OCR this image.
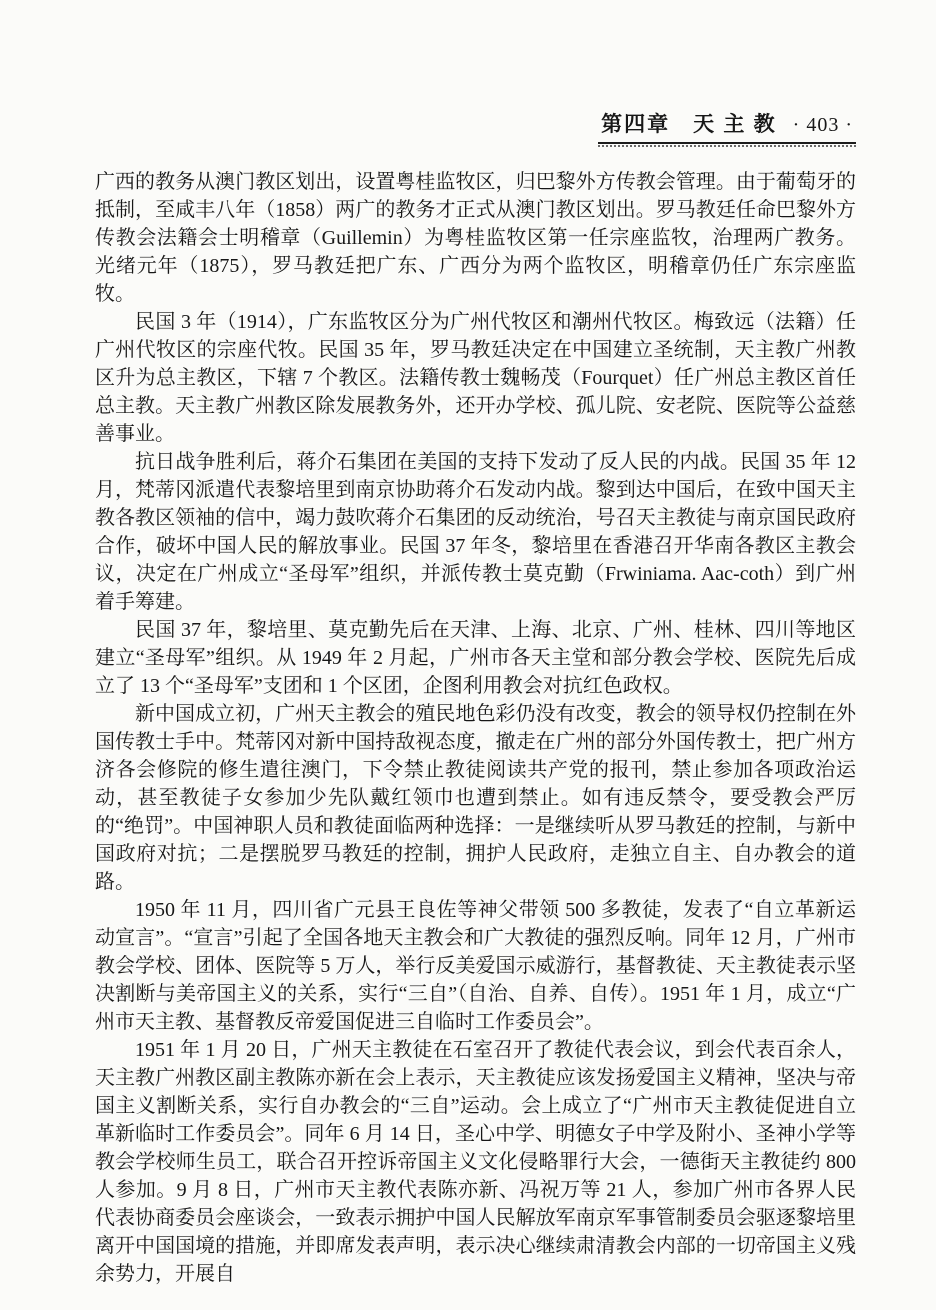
第四章　天 主 教 · 403 ·

广西的教务从澳门教区划出，设置粤桂监牧区，归巴黎外方传教会管理。由于葡萄牙的抵制，至咸丰八年（1858）两广的教务才正式从澳门教区划出。罗马教廷任命巴黎外方传教会法籍会士明稽章（Guillemin）为粤桂监牧区第一任宗座监牧，治理两广教务。光绪元年（1875），罗马教廷把广东、广西分为两个监牧区，明稽章仍任广东宗座监牧。

民国 3 年（1914），广东监牧区分为广州代牧区和潮州代牧区。梅致远（法籍）任广州代牧区的宗座代牧。民国 35 年，罗马教廷决定在中国建立圣统制，天主教广州教区升为总主教区，下辖 7 个教区。法籍传教士魏畅茂（Fourquet）任广州总主教区首任总主教。天主教广州教区除发展教务外，还开办学校、孤儿院、安老院、医院等公益慈善事业。

抗日战争胜利后，蒋介石集团在美国的支持下发动了反人民的内战。民国 35 年 12 月，梵蒂冈派遣代表黎培里到南京协助蒋介石发动内战。黎到达中国后，在致中国天主教各教区领袖的信中，竭力鼓吹蒋介石集团的反动统治，号召天主教徒与南京国民政府合作，破坏中国人民的解放事业。民国 37 年冬，黎培里在香港召开华南各教区主教会议，决定在广州成立“圣母军”组织，并派传教士莫克勤（Frwiniama. Aac-coth）到广州着手筹建。

民国 37 年，黎培里、莫克勤先后在天津、上海、北京、广州、桂林、四川等地区建立“圣母军”组织。从 1949 年 2 月起，广州市各天主堂和部分教会学校、医院先后成立了 13 个“圣母军”支团和 1 个区团，企图利用教会对抗红色政权。

新中国成立初，广州天主教会的殖民地色彩仍没有改变，教会的领导权仍控制在外国传教士手中。梵蒂冈对新中国持敌视态度，撤走在广州的部分外国传教士，把广州方济各会修院的修生遣往澳门，下令禁止教徒阅读共产党的报刊，禁止参加各项政治运动，甚至教徒子女参加少先队戴红领巾也遭到禁止。如有违反禁令，要受教会严厉的“绝罚”。中国神职人员和教徒面临两种选择：一是继续听从罗马教廷的控制，与新中国政府对抗；二是摆脱罗马教廷的控制，拥护人民政府，走独立自主、自办教会的道路。

1950 年 11 月，四川省广元县王良佐等神父带领 500 多教徒，发表了“自立革新运动宣言”。“宣言”引起了全国各地天主教会和广大教徒的强烈反响。同年 12 月，广州市教会学校、团体、医院等 5 万人，举行反美爱国示威游行，基督教徒、天主教徒表示坚决割断与美帝国主义的关系，实行“三自”（自治、自养、自传）。1951 年 1 月，成立“广州市天主教、基督教反帝爱国促进三自临时工作委员会”。

1951 年 1 月 20 日，广州天主教徒在石室召开了教徒代表会议，到会代表百余人，天主教广州教区副主教陈亦新在会上表示，天主教徒应该发扬爱国主义精神，坚决与帝国主义割断关系，实行自办教会的“三自”运动。会上成立了“广州市天主教徒促进自立革新临时工作委员会”。同年 6 月 14 日，圣心中学、明德女子中学及附小、圣神小学等教会学校师生员工，联合召开控诉帝国主义文化侵略罪行大会，一德街天主教徒约 800 人参加。9 月 8 日，广州市天主教代表陈亦新、冯祝万等 21 人，参加广州市各界人民代表协商委员会座谈会，一致表示拥护中国人民解放军南京军事管制委员会驱逐黎培里离开中国国境的措施，并即席发表声明，表示决心继续肃清教会内部的一切帝国主义残余势力，开展自
